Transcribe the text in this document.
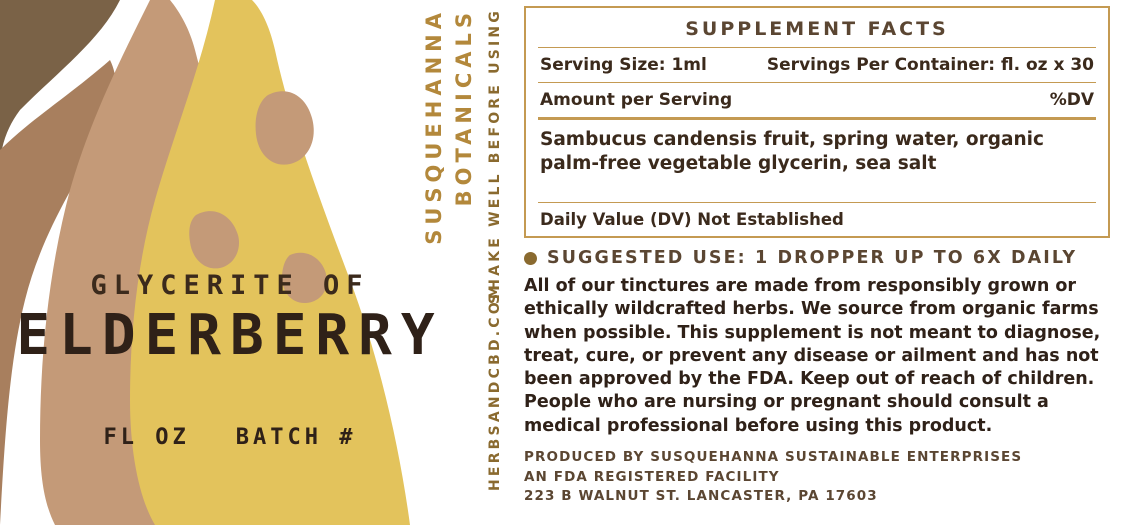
GLYCERITE OF
ELDERBERRY
FL OZ BATCH #
SUSQUEHANNA BOTANICALS SHAKE WELL BEFORE USING
HERBSANDCBD.COM
SUPPLEMENT FACTS
Serving Size: 1ml	Servings Per Container: fl. oz x 30
Amount per Serving	%DV
Sambucus candensis fruit, spring water, organic palm-free vegetable glycerin, sea salt
Daily Value (DV) Not Established
SUGGESTED USE: 1 DROPPER UP TO 6X DAILY
All of our tinctures are made from responsibly grown or ethically wildcrafted herbs. We source from organic farms when possible. This supplement is not meant to diagnose, treat, cure, or prevent any disease or ailment and has not been approved by the FDA. Keep out of reach of children. People who are nursing or pregnant should consult a medical professional before using this product.
PRODUCED BY SUSQUEHANNA SUSTAINABLE ENTERPRISES
AN FDA REGISTERED FACILITY
223 B WALNUT ST. LANCASTER, PA 17603
